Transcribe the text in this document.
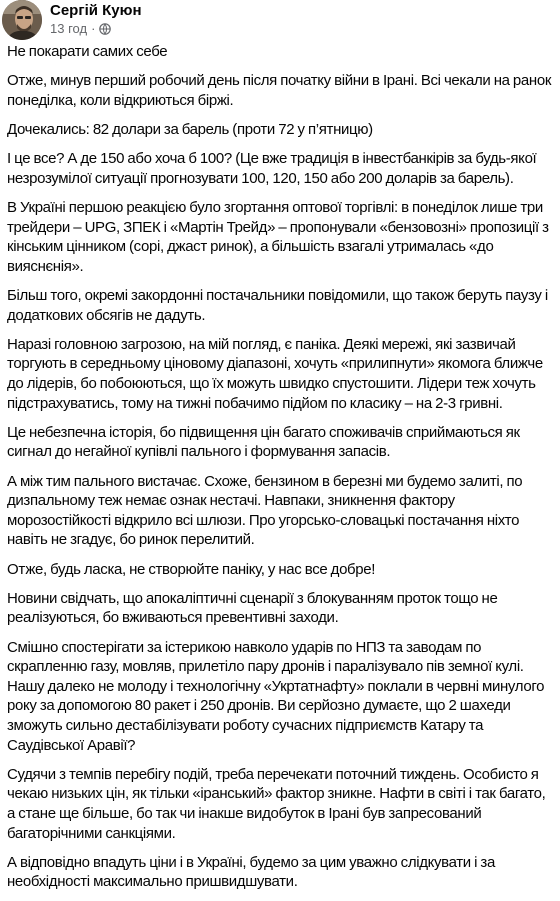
Сергій Куюн
13 год ·

Не покарати самих себе

Отже, минув перший робочий день після початку війни в Ірані. Всі чекали на ранок понеділка, коли відкриються біржі.

Дочекались: 82 долари за барель (проти 72 у п’ятницю)

І це все? А де 150 або хоча б 100? (Це вже традиція в інвестбанкірів за будь-якої незрозумілої ситуації прогнозувати 100, 120, 150 або 200 доларів за барель).

В Україні першою реакцією було згортання оптової торгівлі: в понеділок лише три трейдери – UPG, ЗПЕК і «Мартін Трейд» – пропонували «бензовозні» пропозиції з кінським цінником (сорі, джаст ринок), а більшість взагалі утрималась «до вияснєнія».

Більш того, окремі закордонні постачальники повідомили, що також беруть паузу і додаткових обсягів не дадуть.

Наразі головною загрозою, на мій погляд, є паніка. Деякі мережі, які зазвичай торгують в середньому ціновому діапазоні, хочуть «прилипнути» якомога ближче до лідерів, бо побоюються, що їх можуть швидко спустошити. Лідери теж хочуть підстрахуватись, тому на тижні побачимо підйом по класику – на 2-3 гривні.

Це небезпечна історія, бо підвищення цін багато споживачів сприймаються як сигнал до негайної купівлі пального і формування запасів.

А між тим пального вистачає. Схоже, бензином в березні ми будемо залиті, по дизпальному теж немає ознак нестачі. Навпаки, зникнення фактору морозостійкості відкрило всі шлюзи. Про угорсько-словацькі постачання ніхто навіть не згадує, бо ринок перелитий.

Отже, будь ласка, не створюйте паніку, у нас все добре!

Новини свідчать, що апокаліптичні сценарії з блокуванням проток тощо не реалізуються, бо вживаються превентивні заходи.

Смішно спостерігати за істерикою навколо ударів по НПЗ та заводам по скрапленню газу, мовляв, прилетіло пару дронів і паралізувало пів земної кулі. Нашу далеко не молоду і технологічну «Укртатнафту» поклали в червні минулого року за допомогою 80 ракет і 250 дронів. Ви серйозно думаєте, що 2 шахеди зможуть сильно дестабілізувати роботу сучасних підприємств Катару та Саудівської Аравії?

Судячи з темпів перебігу подій, треба перечекати поточний тиждень. Особисто я чекаю низьких цін, як тільки «іранський» фактор зникне. Нафти в світі і так багато, а стане ще більше, бо так чи інакше видобуток в Ірані був запресований багаторічними санкціями.

А відповідно впадуть ціни і в Україні, будемо за цим уважно слідкувати і за необхідності максимально пришвидшувати.
